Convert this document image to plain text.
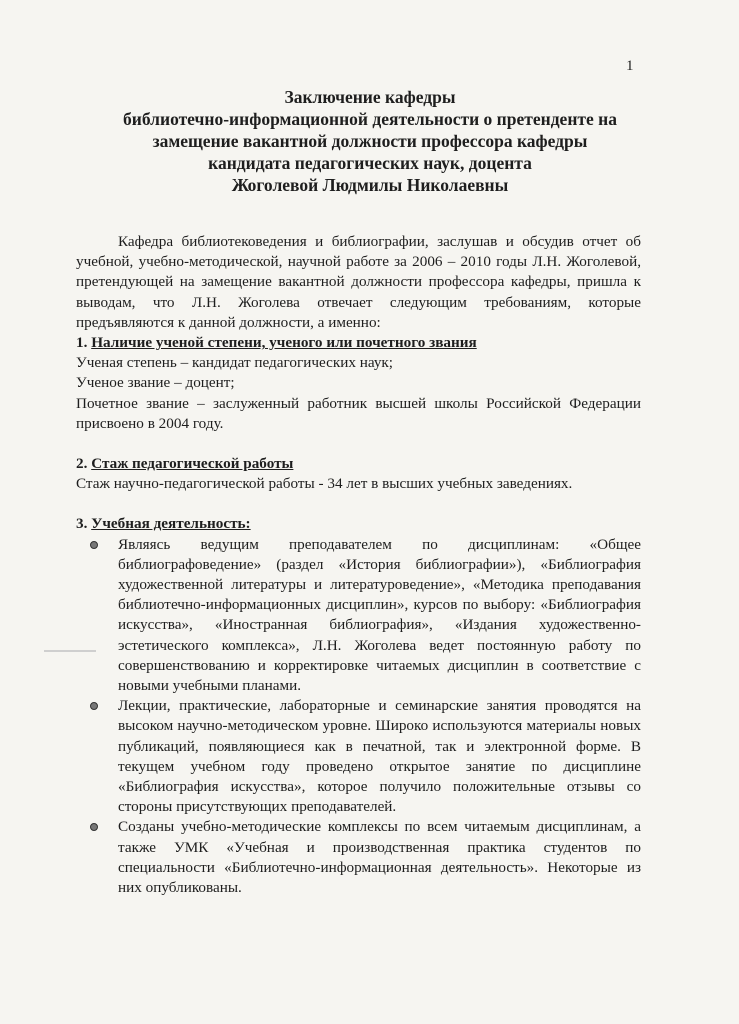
1
Заключение кафедры
библиотечно-информационной деятельности о претенденте на
замещение вакантной должности профессора кафедры
кандидата педагогических наук, доцента
Жоголевой Людмилы Николаевны

Кафедра библиотековедения и библиографии, заслушав и обсудив отчет об учебной, учебно-методической, научной работе за 2006 – 2010 годы Л.Н. Жоголевой, претендующей на замещение вакантной должности профессора кафедры, пришла к выводам, что Л.Н. Жоголева отвечает следующим требованиям, которые предъявляются к данной должности, а именно:

1. Наличие ученой степени, ученого или почетного звания

Ученая степень – кандидат педагогических наук;

Ученое звание – доцент;

Почетное звание – заслуженный работник высшей школы Российской Федерации присвоено в 2004 году.

2. Стаж педагогической работы

Стаж научно-педагогической работы - 34 лет в высших учебных заведениях.

3. Учебная деятельность:

Являясь ведущим преподавателем по дисциплинам: «Общее библиографоведение» (раздел «История библиографии»), «Библиография художественной литературы и литературоведение», «Методика преподавания библиотечно-информационных дисциплин», курсов по выбору: «Библиография искусства», «Иностранная библиография», «Издания художественно-эстетического комплекса», Л.Н. Жоголева ведет постоянную работу по совершенствованию и корректировке читаемых дисциплин в соответствие с новыми учебными планами.
Лекции, практические, лабораторные и семинарские занятия проводятся на высоком научно-методическом уровне. Широко используются материалы новых публикаций, появляющиеся как в печатной, так и электронной форме. В текущем учебном году проведено открытое занятие по дисциплине «Библиография искусства», которое получило положительные отзывы со стороны присутствующих преподавателей.
Созданы учебно-методические комплексы по всем читаемым дисциплинам, а также УМК «Учебная и производственная практика студентов по специальности «Библиотечно-информационная деятельность». Некоторые из них опубликованы.
